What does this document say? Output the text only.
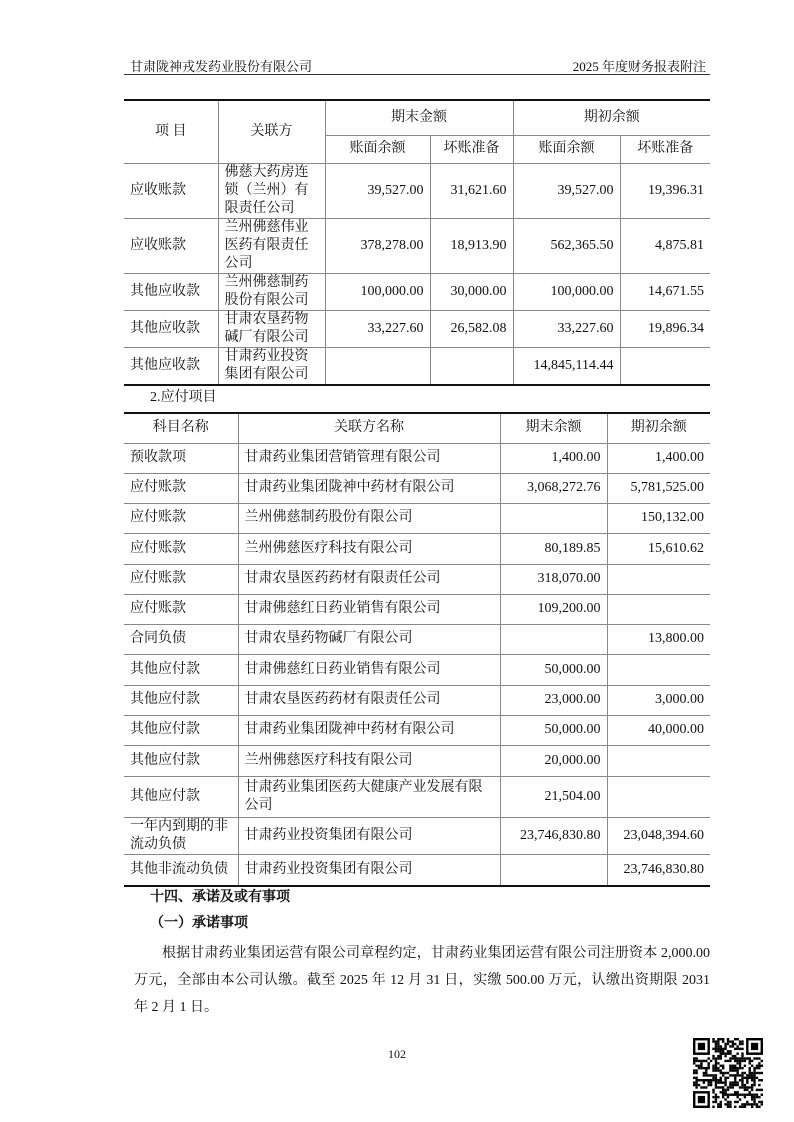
甘肃陇神戎发药业股份有限公司	2025 年度财务报表附注
项 目	关联方	期末金额		期初余额	
		账面余额	坏账准备	账面余额	坏账准备
应收账款	佛慈大药房连锁（兰州）有限责任公司	39,527.00	31,621.60	39,527.00	19,396.31
应收账款	兰州佛慈伟业医药有限责任公司	378,278.00	18,913.90	562,365.50	4,875.81
其他应收款	兰州佛慈制药股份有限公司	100,000.00	30,000.00	100,000.00	14,671.55
其他应收款	甘肃农垦药物碱厂有限公司	33,227.60	26,582.08	33,227.60	19,896.34
其他应收款	甘肃药业投资集团有限公司			14,845,114.44	
2.应付项目
科目名称	关联方名称	期末余额	期初余额
预收款项	甘肃药业集团营销管理有限公司	1,400.00	1,400.00
应付账款	甘肃药业集团陇神中药材有限公司	3,068,272.76	5,781,525.00
应付账款	兰州佛慈制药股份有限公司		150,132.00
应付账款	兰州佛慈医疗科技有限公司	80,189.85	15,610.62
应付账款	甘肃农垦医药药材有限责任公司	318,070.00	
应付账款	甘肃佛慈红日药业销售有限公司	109,200.00	
合同负债	甘肃农垦药物碱厂有限公司		13,800.00
其他应付款	甘肃佛慈红日药业销售有限公司	50,000.00	
其他应付款	甘肃农垦医药药材有限责任公司	23,000.00	3,000.00
其他应付款	甘肃药业集团陇神中药材有限公司	50,000.00	40,000.00
其他应付款	兰州佛慈医疗科技有限公司	20,000.00	
其他应付款	甘肃药业集团医药大健康产业发展有限公司	21,504.00	
一年内到期的非流动负债	甘肃药业投资集团有限公司	23,746,830.80	23,048,394.60
其他非流动负债	甘肃药业投资集团有限公司		23,746,830.80
十四、承诺及或有事项
（一）承诺事项
根据甘肃药业集团运营有限公司章程约定，甘肃药业集团运营有限公司注册资本 2,000.00 万元，全部由本公司认缴。截至 2025 年 12 月 31 日，实缴 500.00 万元，认缴出资期限 2031 年 2 月 1 日。
102
